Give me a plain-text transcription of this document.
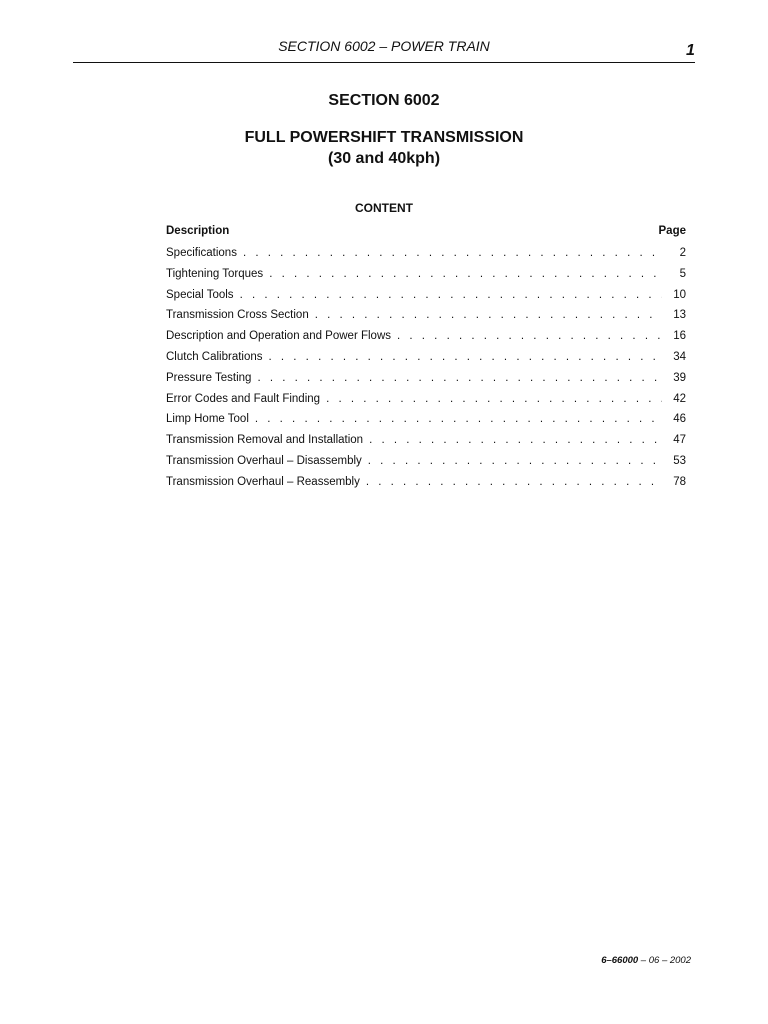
SECTION 6002 – POWER TRAIN	1
SECTION 6002
FULL POWERSHIFT TRANSMISSION
(30 and 40kph)
CONTENT
Description	Page
Specifications . . .	2
Tightening Torques . . .	5
Special Tools . . .	10
Transmission Cross Section . . .	13
Description and Operation and Power Flows . . .	16
Clutch Calibrations . . .	34
Pressure Testing . . .	39
Error Codes and Fault Finding . . .	42
Limp Home Tool . . .	46
Transmission Removal and Installation . . .	47
Transmission Overhaul – Disassembly . . .	53
Transmission Overhaul – Reassembly . . .	78
6–66000 – 06 – 2002
